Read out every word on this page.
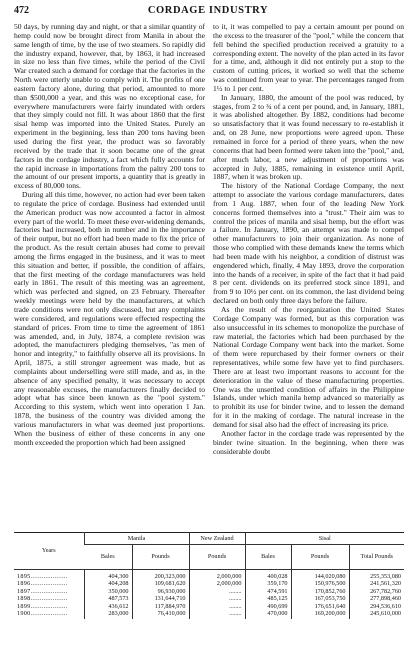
472	CORDAGE INDUSTRY

50 days, by running day and night, or that a similar quantity of hemp could now be brought direct from Manila in about the same length of time, by the use of two steamers. So rapidly did the industry expand, however, that, by 1863, it had increased in size no less than five times, while the period of the Civil War created such a demand for cordage that the factories in the North were utterly unable to comply with it. The profits of one eastern factory alone, during that period, amounted to more than $500,000 a year, and this was no exceptional case, for everywhere manufacturers were fairly inundated with orders that they simply could not fill. It was about 1860 that the first sisal hemp was imported into the United States. Purely an experiment in the beginning, less than 200 tons having been used during the first year, the product was so favorably received by the trade that it soon became one of the great factors in the cordage industry, a fact which fully accounts for the rapid increase in importations from the paltry 200 tons to the amount of our present imports, a quantity that is greatly in excess of 80,000 tons.

During all this time, however, no action had ever been taken to regulate the price of cordage. Business had extended until the American product was now accounted a factor in almost every part of the world. To meet these ever-widening demands, factories had increased, both in number and in the importance of their output, but no effort had been made to fix the price of the product. As the result certain abuses had come to prevail among the firms engaged in the business, and it was to meet this situation and better, if possible, the condition of affairs, that the first meeting of the cordage manufacturers was held early in 1861. The result of this meeting was an agreement, which was perfected and signed, on 23 February. Thereafter weekly meetings were held by the manufacturers, at which trade conditions were not only discussed, but any complaints were considered, and regulations were effected respecting the standard of prices. From time to time the agreement of 1861 was amended, and, in July, 1874, a complete revision was adopted, the manufacturers pledging themselves, "as men of honor and integrity," to faithfully observe all its provisions. In April, 1875, a still stronger agreement was made, but as complaints about underselling were still made, and as, in the absence of any specified penalty, it was necessary to accept any reasonable excuses, the manufacturers finally decided to adopt what has since been known as the "pool system." According to this system, which went into operation 1 Jan. 1878, the business of the country was divided among the various manufacturers in what was deemed just proportions. When the business of either of these concerns in any one month exceeded the proportion which had been assigned

to it, it was compelled to pay a certain amount per pound on the excess to the treasurer of the "pool," while the concern that fell behind the specified production received a gratuity to a corresponding extent. The novelty of the plan acted in its favor for a time, and, although it did not entirely put a stop to the custom of cutting prices, it worked so well that the scheme was continued from year to year. The percentages ranged from 1½ to 1 per cent.

In January, 1880, the amount of the pool was reduced, by stages, from 2 to ¾ of a cent per pound, and, in January, 1881, it was abolished altogether. By 1882, conditions had become so unsatisfactory that it was found necessary to re-establish it and, on 28 June, new proportions were agreed upon. These remained in force for a period of three years, when the new concerns that had been formed were taken into the "pool," and, after much labor, a new adjustment of proportions was accepted in July, 1885, remaining in existence until April, 1887, when it was broken up.

The history of the National Cordage Company, the next attempt to associate the various cordage manufacturers, dates from 1 Aug. 1887, when four of the leading New York concerns formed themselves into a "trust." Their aim was to control the prices of manila and sisal hemp, but the effort was a failure. In January, 1890, an attempt was made to compel other manufacturers to join their organization. As none of those who complied with these demands knew the terms which had been made with his neighbor, a condition of distrust was engendered which, finally, 4 May 1893, drove the corporation into the hands of a receiver, in spite of the fact that it had paid 8 per cent. dividends on its preferred stock since 1891, and from 9 to 10½ per cent. on its common, the last dividend being declared on both only three days before the failure.

As the result of the reorganization the United States Cordage Company was formed, but as this corporation was also unsuccessful in its schemes to monopolize the purchase of raw material, the factories which had been purchased by the National Cordage Company went back into the market. Some of them were repurchased by their former owners or their representatives, while some few have yet to find purchasers. There are at least two important reasons to account for the deterioration in the value of these manufacturing properties. One was the unsettled condition of affairs in the Philippine Islands, under which manila hemp advanced so materially as to prohibit its use for binder twine, and to lessen the demand for it in the making of cordage. The natural increase in the demand for sisal also had the effect of increasing its price.

Another factor in the cordage trade was represented by the binder twine situation. In the beginning, when there was considerable doubt

Years	Manila		New Zealand	Sisal		
	Bales	Pounds	Pounds	Bales	Pounds	Total Pounds
1895....................	404,300	200,323,000	2,000,000	400,028	144,020,080	255,353,080
1896....................	404,208	109,681,620	2,000,000	359,170	150,976,500	241,561,320
1897....................	350,000	96,930,000	........	474,591	170,852,760	267,782,760
1898....................	487,573	131,644,710	........	485,125	167,053,750	277,898,460
1899....................	436,612	117,884,970	........	490,699	176,651,640	294,536,610
1900....................	283,000	76,410,000	........	470,000	169,200,000	245,610,000
